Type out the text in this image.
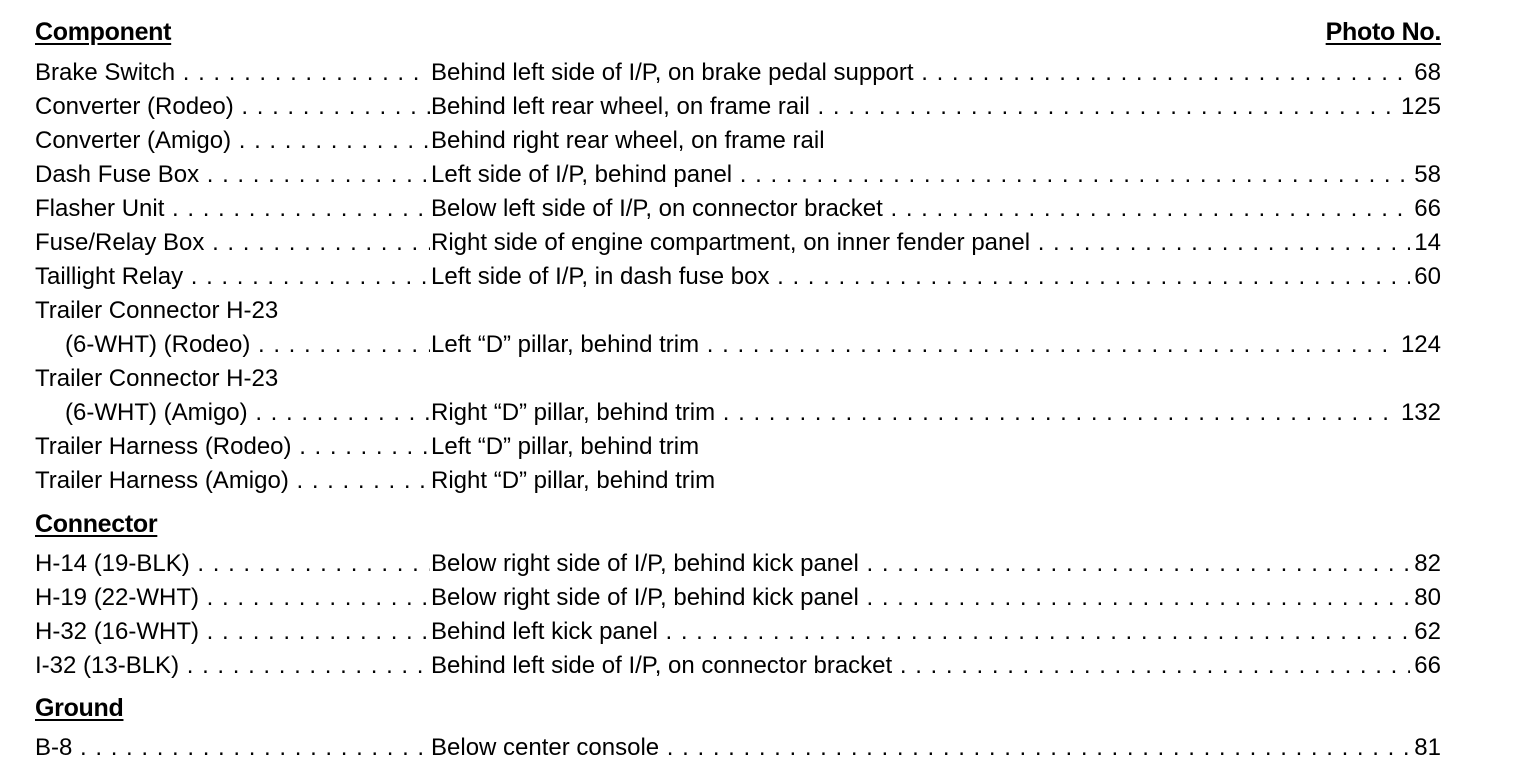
Component	Photo No.
Brake Switch . . .	Behind left side of I/P, on brake pedal support . . .	68
Converter (Rodeo) . . .	Behind left rear wheel, on frame rail . . .	125
Converter (Amigo) . . .	Behind right rear wheel, on frame rail
Dash Fuse Box . . .	Left side of I/P, behind panel . . .	58
Flasher Unit . . .	Below left side of I/P, on connector bracket . . .	66
Fuse/Relay Box . . .	Right side of engine compartment, on inner fender panel . . .	14
Taillight Relay . . .	Left side of I/P, in dash fuse box . . .	60
Trailer Connector H-23
(6-WHT) (Rodeo) . . .	Left “D” pillar, behind trim . . .	124
Trailer Connector H-23
(6-WHT) (Amigo) . . .	Right “D” pillar, behind trim . . .	132
Trailer Harness (Rodeo) . . .	Left “D” pillar, behind trim
Trailer Harness (Amigo) . . .	Right “D” pillar, behind trim
Connector
H-14 (19-BLK) . . .	Below right side of I/P, behind kick panel . . .	82
H-19 (22-WHT) . . .	Below right side of I/P, behind kick panel . . .	80
H-32 (16-WHT) . . .	Behind left kick panel . . .	62
I-32 (13-BLK) . . .	Behind left side of I/P, on connector bracket . . .	66
Ground
B-8 . . .	Below center console . . .	81
